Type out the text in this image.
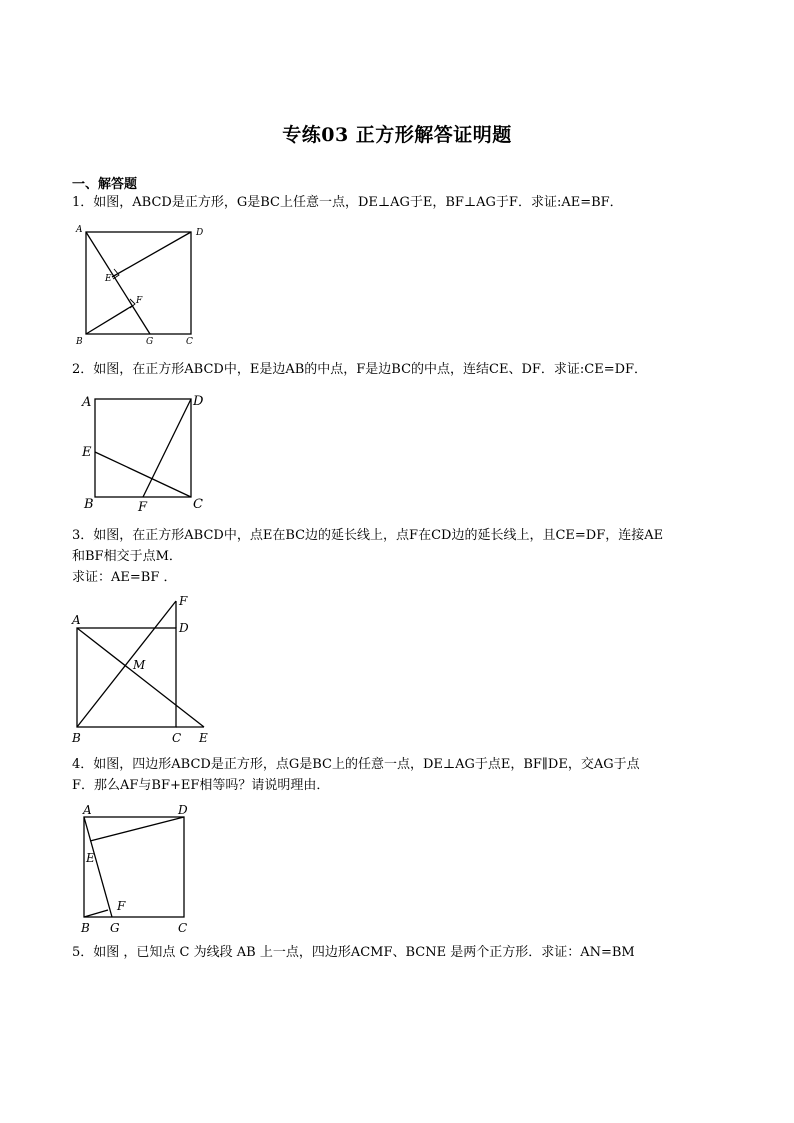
专练03 正方形解答证明题
一、解答题
1．如图，ABCD是正方形，G是BC上任意一点，DE⊥AG于E，BF⊥AG于F．求证:AE=BF．
A	D
E
F
B	G	C
2．如图，在正方形ABCD中，E是边AB的中点，F是边BC的中点，连结CE、DF．求证:CE=DF．
A	D
E
B	F	C
3．如图，在正方形ABCD中，点E在BC边的延长线上，点F在CD边的延长线上，且CE=DF，连接AE
和BF相交于点M．
求证：AE=BF ．
A
F
D
M
B	C E
4．如图，四边形ABCD是正方形，点G是BC上的任意一点，DE⊥AG于点E，BF∥DE，交AG于点
F．那么AF与BF+EF相等吗？请说明理由．
A	D
E
F
B G	C
5．如图 ，已知点 C 为线段 AB 上一点，四边形ACMF、BCNE 是两个正方形．求证：AN=BM
